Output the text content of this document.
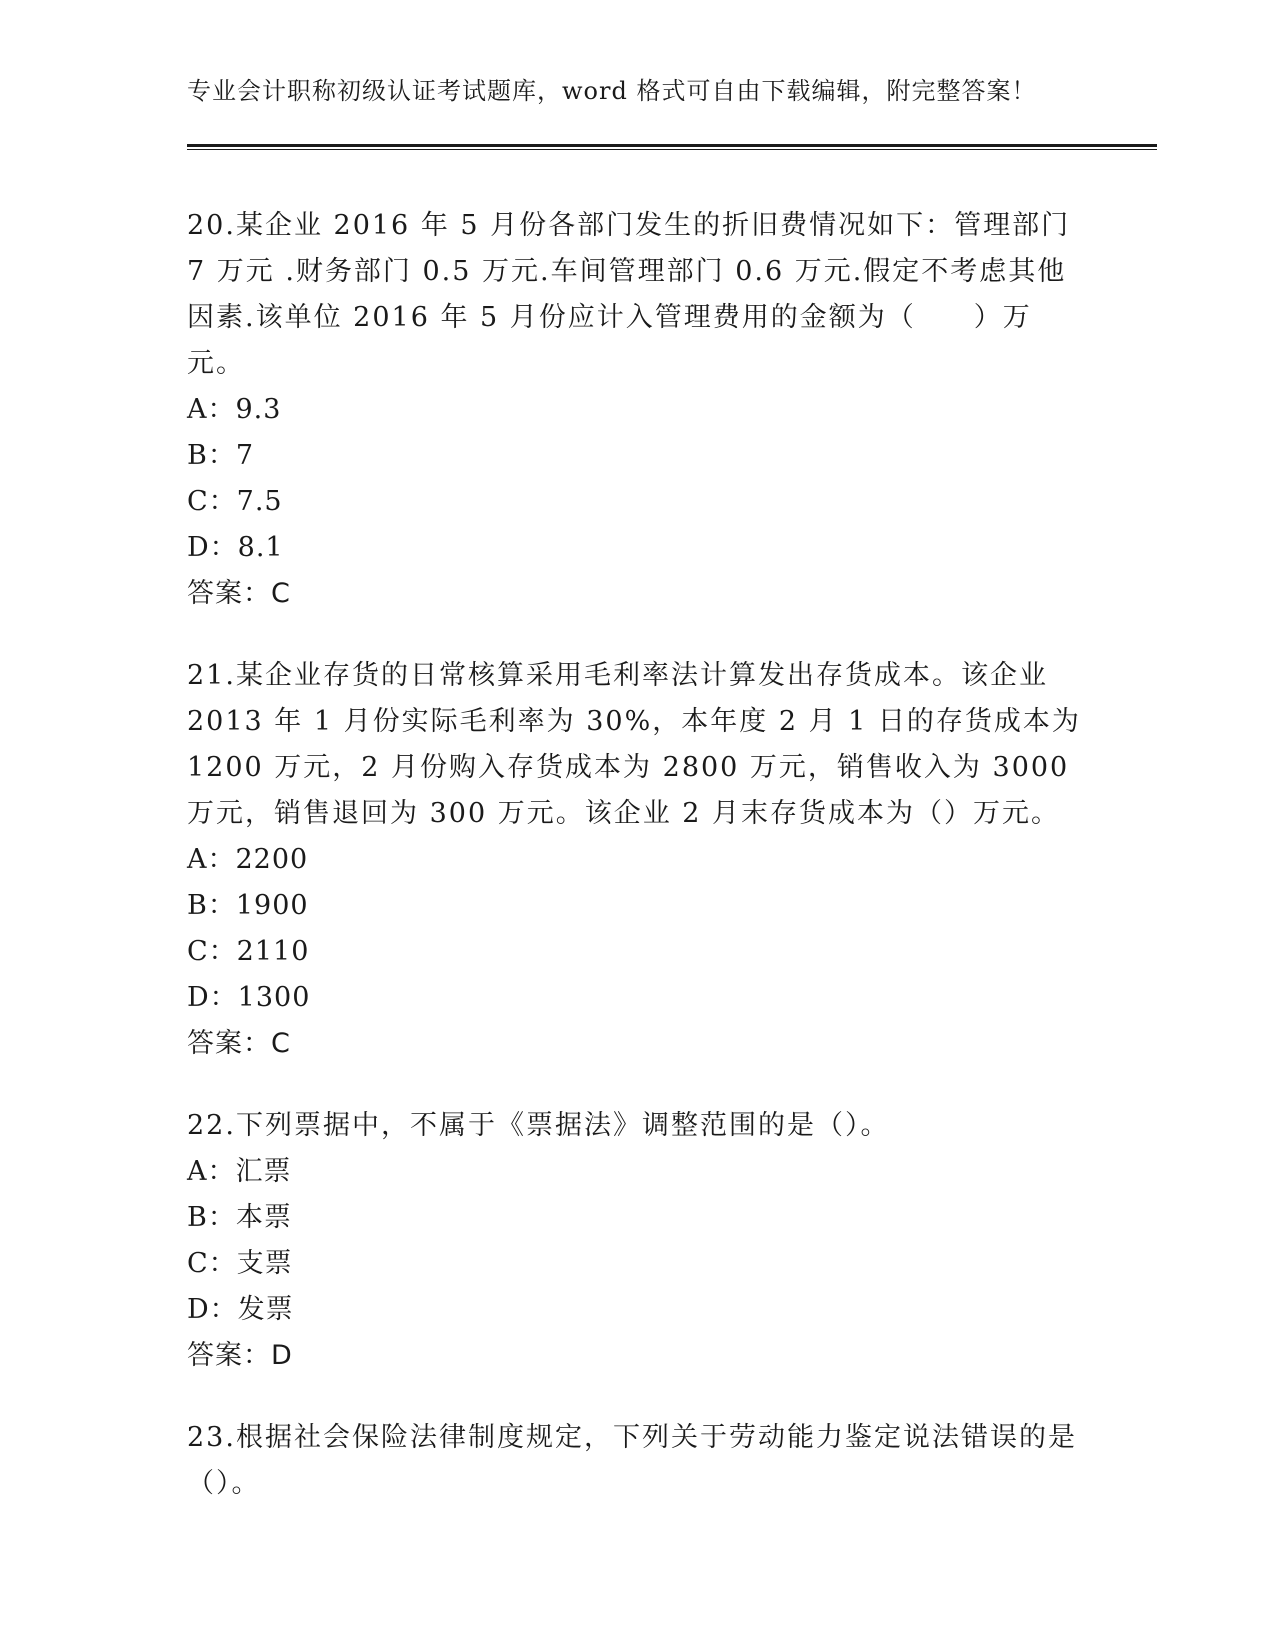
专业会计职称初级认证考试题库，word 格式可自由下载编辑，附完整答案！

20.某企业 2016 年 5 月份各部门发生的折旧费情况如下：管理部门 7 万元 .财务部门 0.5 万元.车间管理部门 0.6 万元.假定不考虑其他因素.该单位 2016 年 5 月份应计入管理费用的金额为（　　）万元。

A：9.3

B：7

C：7.5

D：8.1

答案：C

21.某企业存货的日常核算采用毛利率法计算发出存货成本。该企业 2013 年 1 月份实际毛利率为 30%，本年度 2 月 1 日的存货成本为 1200 万元，2 月份购入存货成本为 2800 万元，销售收入为 3000 万元，销售退回为 300 万元。该企业 2 月末存货成本为（）万元。

A：2200

B：1900

C：2110

D：1300

答案：C

22.下列票据中，不属于《票据法》调整范围的是（）。

A：汇票

B：本票

C：支票

D：发票

答案：D

23.根据社会保险法律制度规定，下列关于劳动能力鉴定说法错误的是（）。
